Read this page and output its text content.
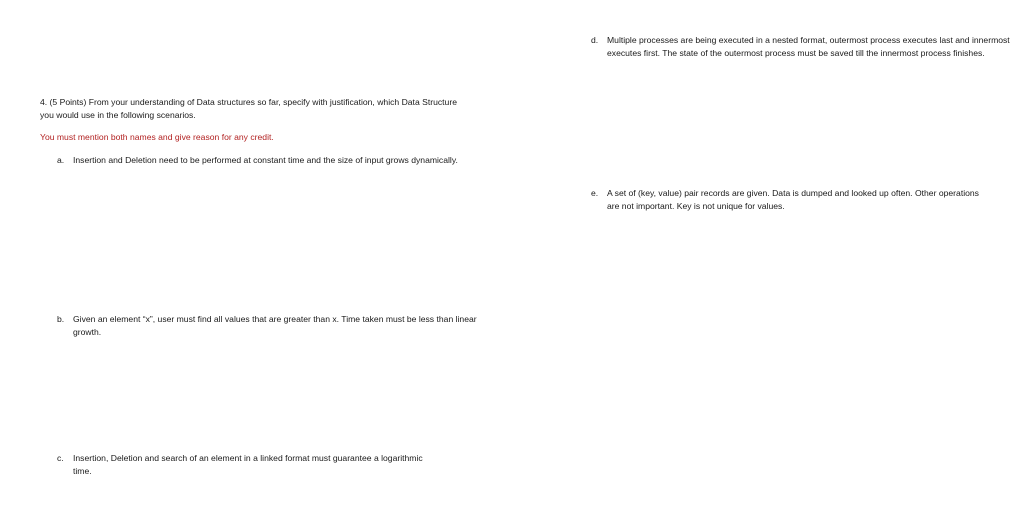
4. (5 Points) From your understanding of Data structures so far, specify with justification, which Data Structure you would use in the following scenarios.
You must mention both names and give reason for any credit.
a.	Insertion and Deletion need to be performed at constant time and the size of input grows dynamically.
b.	Given an element “x”, user must find all values that are greater than x. Time taken must be less than linear growth.
c.	Insertion, Deletion and search of an element in a linked format must guarantee a logarithmic time.
d.	Multiple processes are being executed in a nested format, outermost process executes last and innermost executes first. The state of the outermost process must be saved till the innermost process finishes.
e.	A set of (key, value) pair records are given. Data is dumped and looked up often. Other operations are not important. Key is not unique for values.
